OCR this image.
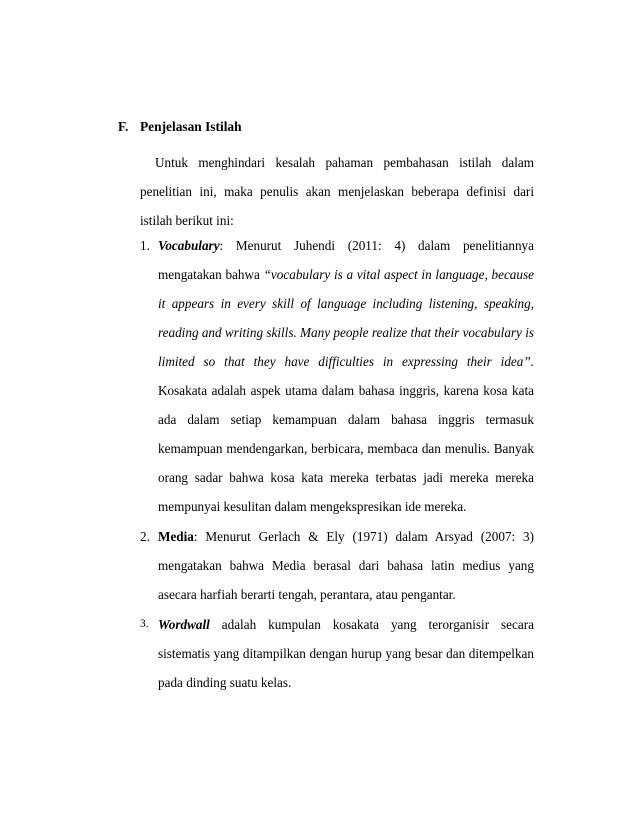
F. Penjelasan Istilah

Untuk menghindari kesalah pahaman pembahasan istilah dalam penelitian ini, maka penulis akan menjelaskan beberapa definisi dari istilah berikut ini:

1. Vocabulary: Menurut Juhendi (2011: 4) dalam penelitiannya mengatakan bahwa “vocabulary is a vital aspect in language, because it appears in every skill of language including listening, speaking, reading and writing skills. Many people realize that their vocabulary is limited so that they have difficulties in expressing their idea”. Kosakata adalah aspek utama dalam bahasa inggris, karena kosa kata ada dalam setiap kemampuan dalam bahasa inggris termasuk kemampuan mendengarkan, berbicara, membaca dan menulis. Banyak orang sadar bahwa kosa kata mereka terbatas jadi mereka mereka mempunyai kesulitan dalam mengekspresikan ide mereka.
2. Media: Menurut Gerlach & Ely (1971) dalam Arsyad (2007: 3) mengatakan bahwa Media berasal dari bahasa latin medius yang asecara harfiah berarti tengah, perantara, atau pengantar.
3. Wordwall adalah kumpulan kosakata yang terorganisir secara sistematis yang ditampilkan dengan hurup yang besar dan ditempelkan pada dinding suatu kelas.
